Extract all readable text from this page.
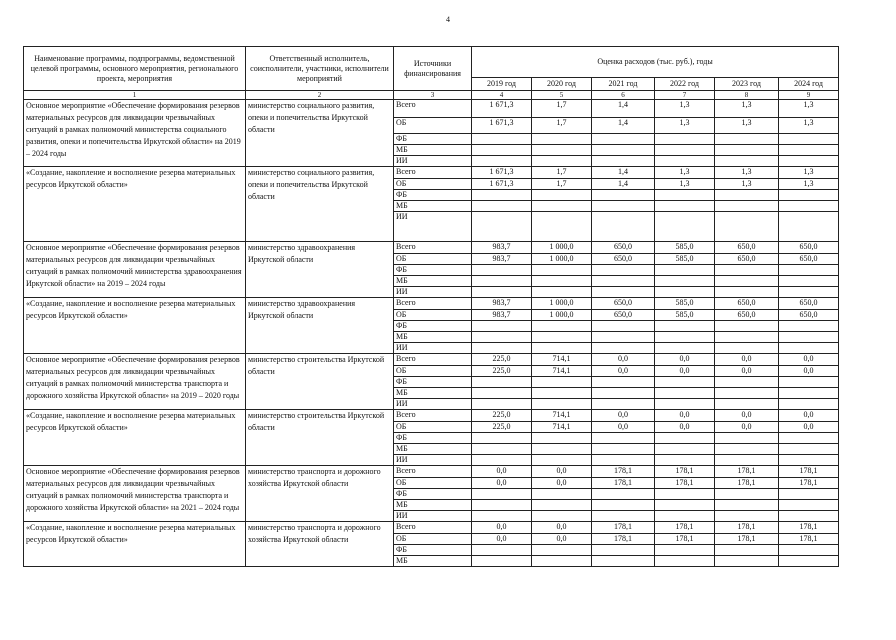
4
Наименование программы, подпрограммы, ведомственной целевой программы, основного мероприятия, регионального проекта, мероприятия	Ответственный исполнитель, соисполнители, участники, исполнители мероприятий	Источники финансирования	Оценка расходов (тыс. руб.), годы					
			2019 год	2020 год	2021 год	2022 год	2023 год	2024 год
1	2	3	4	5	6	7	8	9
Основное мероприятие «Обеспечение формирования резервов материальных ресурсов для ликвидации чрезвычайных ситуаций в рамках полномочий министерства социального развития, опеки и попечительства Иркутской области» на 2019 – 2024 годы	министерство социального развития, опеки и попечительства Иркутской области	Всего	1 671,3	1,7	1,4	1,3	1,3	1,3
		ОБ	1 671,3	1,7	1,4	1,3	1,3	1,3
		ФБ						
		МБ						
		ИИ						
«Создание, накопление и восполнение резерва материальных ресурсов Иркутской области»	министерство социального развития, опеки и попечительства Иркутской области	Всего	1 671,3	1,7	1,4	1,3	1,3	1,3
		ОБ	1 671,3	1,7	1,4	1,3	1,3	1,3
		ФБ						
		МБ						
		ИИ						
Основное мероприятие «Обеспечение формирования резервов материальных ресурсов для ликвидации чрезвычайных ситуаций в рамках полномочий министерства здравоохранения Иркутской области» на 2019 – 2024 годы	министерство здравоохранения Иркутской области	Всего	983,7	1 000,0	650,0	585,0	650,0	650,0
		ОБ	983,7	1 000,0	650,0	585,0	650,0	650,0
		ФБ						
		МБ						
		ИИ						
«Создание, накопление и восполнение резерва материальных ресурсов Иркутской области»	министерство здравоохранения Иркутской области	Всего	983,7	1 000,0	650,0	585,0	650,0	650,0
		ОБ	983,7	1 000,0	650,0	585,0	650,0	650,0
		ФБ						
		МБ						
		ИИ						
Основное мероприятие «Обеспечение формирования резервов материальных ресурсов для ликвидации чрезвычайных ситуаций в рамках полномочий министерства транспорта и дорожного хозяйства Иркутской области» на 2019 – 2020 годы	министерство строительства Иркутской области	Всего	225,0	714,1	0,0	0,0	0,0	0,0
		ОБ	225,0	714,1	0,0	0,0	0,0	0,0
		ФБ						
		МБ						
		ИИ						
«Создание, накопление и восполнение резерва материальных ресурсов Иркутской области»	министерство строительства Иркутской области	Всего	225,0	714,1	0,0	0,0	0,0	0,0
		ОБ	225,0	714,1	0,0	0,0	0,0	0,0
		ФБ						
		МБ						
		ИИ						
Основное мероприятие «Обеспечение формирования резервов материальных ресурсов для ликвидации чрезвычайных ситуаций в рамках полномочий министерства транспорта и дорожного хозяйства Иркутской области» на 2021 – 2024 годы	министерство транспорта и дорожного хозяйства Иркутской области	Всего	0,0	0,0	178,1	178,1	178,1	178,1
		ОБ	0,0	0,0	178,1	178,1	178,1	178,1
		ФБ						
		МБ						
		ИИ						
«Создание, накопление и восполнение резерва материальных ресурсов Иркутской области»	министерство транспорта и дорожного хозяйства Иркутской области	Всего	0,0	0,0	178,1	178,1	178,1	178,1
		ОБ	0,0	0,0	178,1	178,1	178,1	178,1
		ФБ						
		МБ						
